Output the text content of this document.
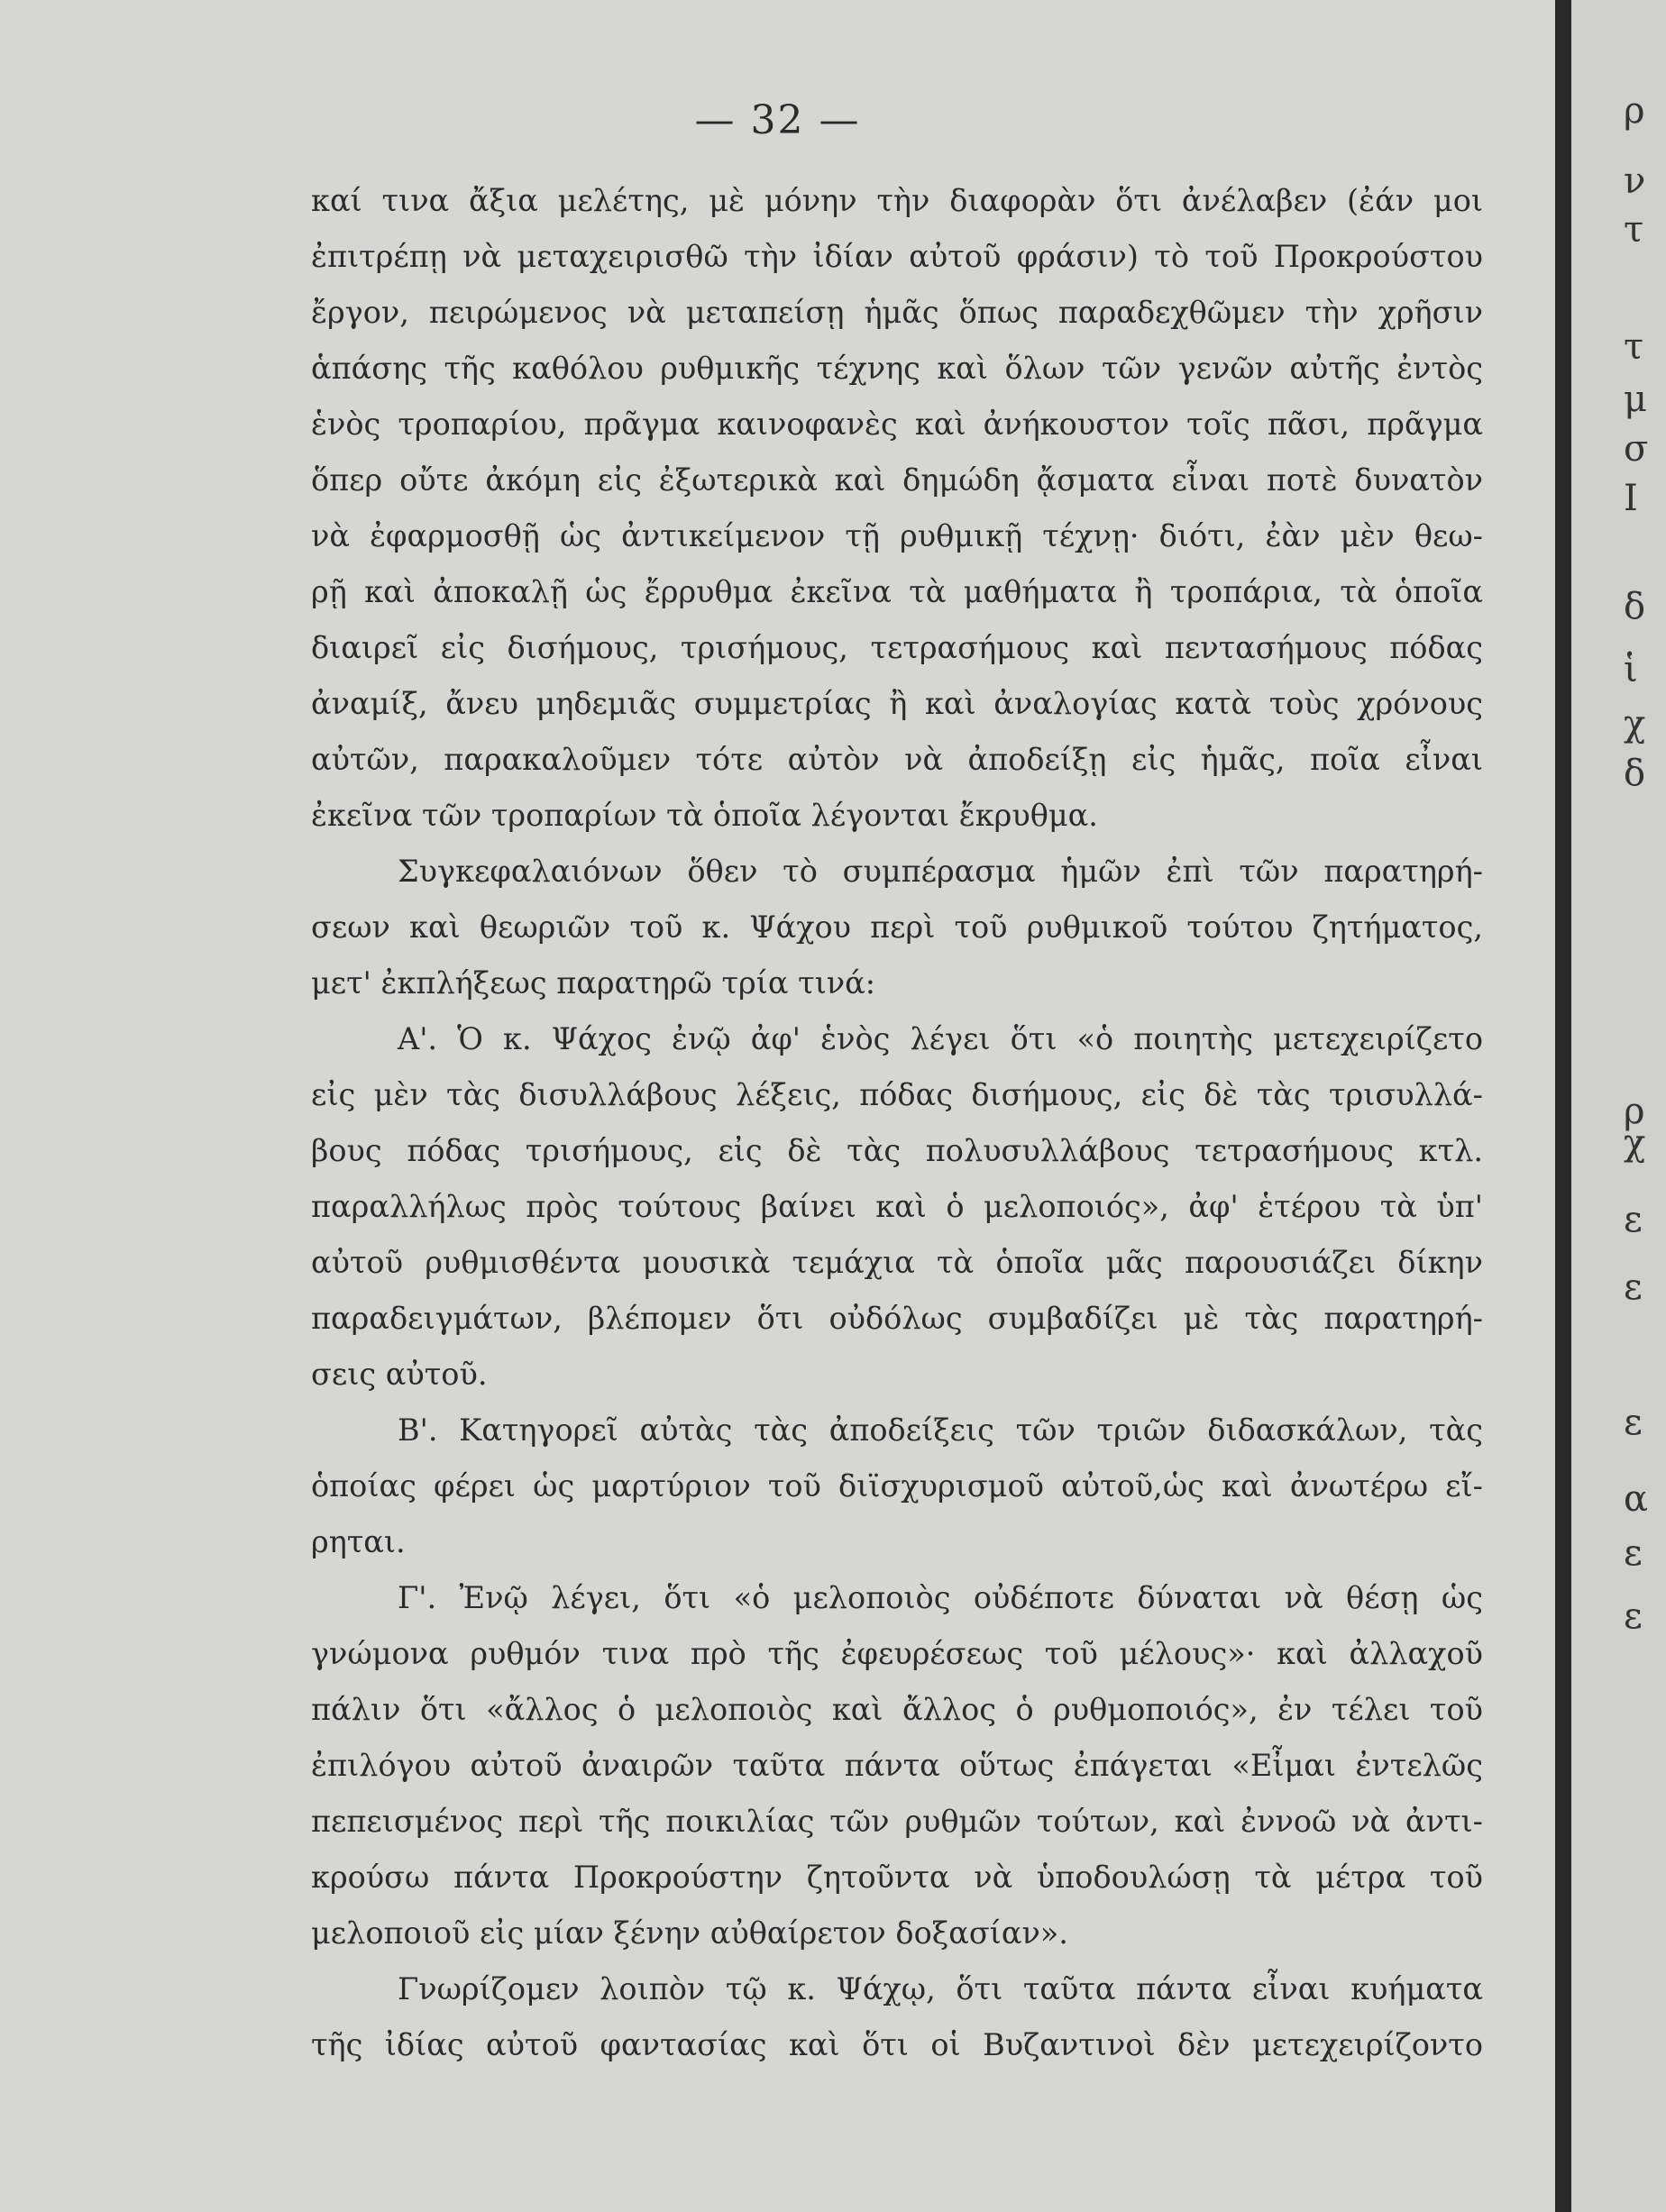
— 32 —
καί τινα ἄξια μελέτης, μὲ μόνην τὴν διαφορὰν ὅτι ἀνέλαβεν (ἐάν μοι
ἐπιτρέπῃ νὰ μεταχειρισθῶ τὴν ἰδίαν αὐτοῦ φράσιν) τὸ τοῦ Προκρούστου
ἔργον, πειρώμενος νὰ μεταπείσῃ ἡμᾶς ὅπως παραδεχθῶμεν τὴν χρῆσιν
ἁπάσης τῆς καθόλου ρυθμικῆς τέχνης καὶ ὅλων τῶν γενῶν αὐτῆς ἐντὸς
ἑνὸς τροπαρίου, πρᾶγμα καινοφανὲς καὶ ἀνήκουστον τοῖς πᾶσι, πρᾶγμα
ὅπερ οὔτε ἀκόμη εἰς ἐξωτερικὰ καὶ δημώδη ᾄσματα εἶναι ποτὲ δυνατὸν
νὰ ἐφαρμοσθῇ ὡς ἀντικείμενον τῇ ρυθμικῇ τέχνῃ· διότι, ἐὰν μὲν θεω-
ρῇ καὶ ἀποκαλῇ ὡς ἔρρυθμα ἐκεῖνα τὰ μαθήματα ἢ τροπάρια, τὰ ὁποῖα
διαιρεῖ εἰς δισήμους, τρισήμους, τετρασήμους καὶ πεντασήμους πόδας
ἀναμίξ, ἄνευ μηδεμιᾶς συμμετρίας ἢ καὶ ἀναλογίας κατὰ τοὺς χρόνους
αὐτῶν, παρακαλοῦμεν τότε αὐτὸν νὰ ἀποδείξῃ εἰς ἡμᾶς, ποῖα εἶναι
ἐκεῖνα τῶν τροπαρίων τὰ ὁποῖα λέγονται ἔκρυθμα.
Συγκεφαλαιόνων ὅθεν τὸ συμπέρασμα ἡμῶν ἐπὶ τῶν παρατηρή-
σεων καὶ θεωριῶν τοῦ κ. Ψάχου περὶ τοῦ ρυθμικοῦ τούτου ζητήματος,
μετ' ἐκπλήξεως παρατηρῶ τρία τινά:
Α'. Ὁ κ. Ψάχος ἐνῷ ἀφ' ἑνὸς λέγει ὅτι «ὁ ποιητὴς μετεχειρίζετο
εἰς μὲν τὰς δισυλλάβους λέξεις, πόδας δισήμους, εἰς δὲ τὰς τρισυλλά-
βους πόδας τρισήμους, εἰς δὲ τὰς πολυσυλλάβους τετρασήμους κτλ.
παραλλήλως πρὸς τούτους βαίνει καὶ ὁ μελοποιός», ἀφ' ἑτέρου τὰ ὑπ'
αὐτοῦ ρυθμισθέντα μουσικὰ τεμάχια τὰ ὁποῖα μᾶς παρουσιάζει δίκην
παραδειγμάτων, βλέπομεν ὅτι οὐδόλως συμβαδίζει μὲ τὰς παρατηρή-
σεις αὐτοῦ.
Β'. Κατηγορεῖ αὐτὰς τὰς ἀποδείξεις τῶν τριῶν διδασκάλων, τὰς
ὁποίας φέρει ὡς μαρτύριον τοῦ διϊσχυρισμοῦ αὐτοῦ,ὡς καὶ ἀνωτέρω εἴ-
ρηται.
Γ'. Ἐνῷ λέγει, ὅτι «ὁ μελοποιὸς οὐδέποτε δύναται νὰ θέσῃ ὡς
γνώμονα ρυθμόν τινα πρὸ τῆς ἐφευρέσεως τοῦ μέλους»· καὶ ἀλλαχοῦ
πάλιν ὅτι «ἄλλος ὁ μελοποιὸς καὶ ἄλλος ὁ ρυθμοποιός», ἐν τέλει τοῦ
ἐπιλόγου αὐτοῦ ἀναιρῶν ταῦτα πάντα οὕτως ἐπάγεται «Εἶμαι ἐντελῶς
πεπεισμένος περὶ τῆς ποικιλίας τῶν ρυθμῶν τούτων, καὶ ἐννοῶ νὰ ἀντι-
κρούσω πάντα Προκρούστην ζητοῦντα νὰ ὑποδουλώσῃ τὰ μέτρα τοῦ
μελοποιοῦ εἰς μίαν ξένην αὐθαίρετον δοξασίαν».
Γνωρίζομεν λοιπὸν τῷ κ. Ψάχῳ, ὅτι ταῦτα πάντα εἶναι κυήματα
τῆς ἰδίας αὐτοῦ φαντασίας καὶ ὅτι οἱ Βυζαντινοὶ δὲν μετεχειρίζοντο
ρ
ν
τ
τ
μ
σ
Ι
δ
ἱ
χ
δ
ρ
χ
ε
ε
ε
α
ε
ε
